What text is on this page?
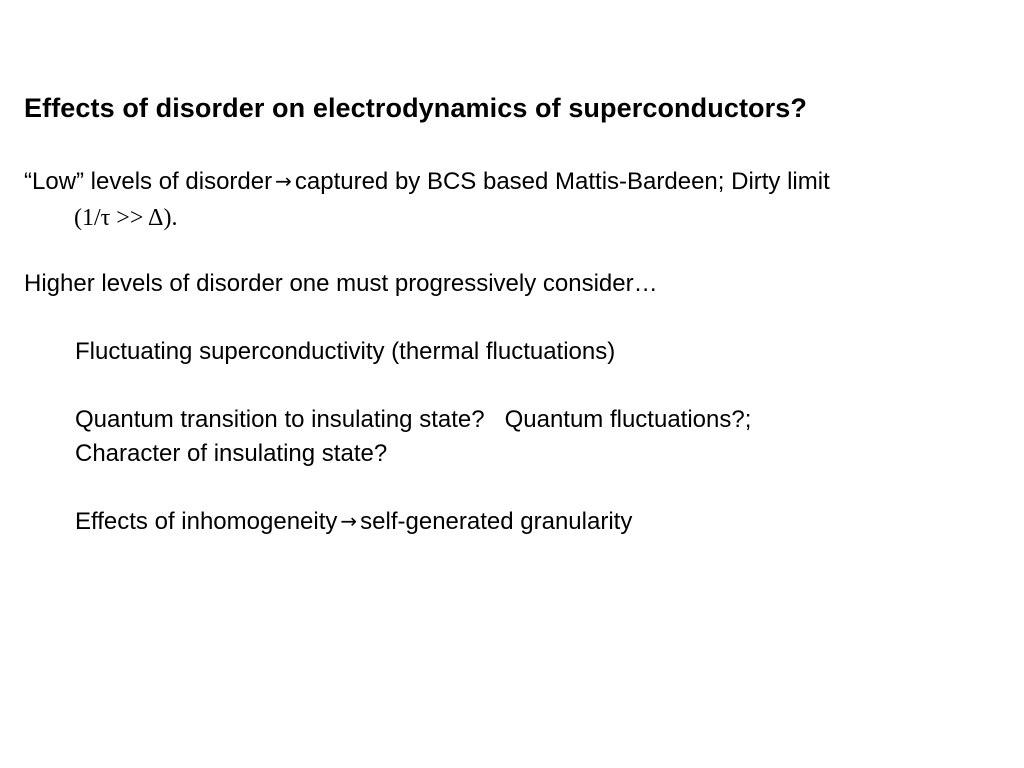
Effects of disorder on electrodynamics of superconductors?
“Low” levels of disorder → captured by BCS based Mattis-Bardeen; Dirty limit
(1/τ >> Δ).
Higher levels of disorder one must progressively consider…
Fluctuating superconductivity (thermal fluctuations)
Quantum transition to insulating state?   Quantum fluctuations?;
Character of insulating state?
Effects of inhomogeneity → self-generated granularity
